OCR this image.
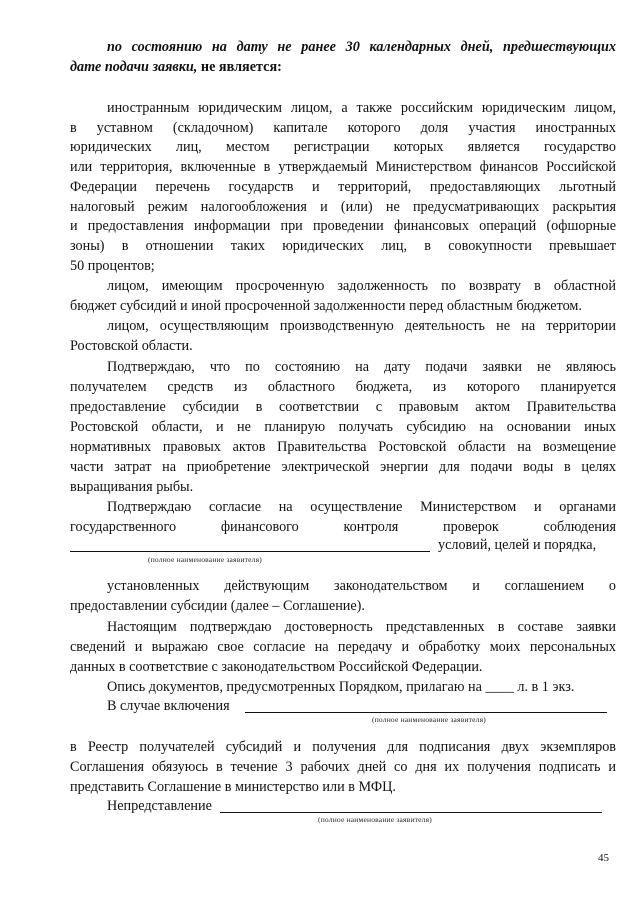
по состоянию на дату не ранее 30 календарных дней, предшествующих

дате подачи заявки, не является:

иностранным юридическим лицом, а также российским юридическим лицом,

в уставном (складочном) капитале которого доля участия иностранных

юридических лиц, местом регистрации которых является государство

или территория, включенные в утверждаемый Министерством финансов Российской

Федерации перечень государств и территорий, предоставляющих льготный

налоговый режим налогообложения и (или) не предусматривающих раскрытия

и предоставления информации при проведении финансовых операций (офшорные

зоны) в отношении таких юридических лиц, в совокупности превышает

50 процентов;

лицом, имеющим просроченную задолженность по возврату в областной

бюджет субсидий и иной просроченной задолженности перед областным бюджетом.

лицом, осуществляющим производственную деятельность не на территории

Ростовской области.

Подтверждаю, что по состоянию на дату подачи заявки не являюсь

получателем средств из областного бюджета, из которого планируется

предоставление субсидии в соответствии с правовым актом Правительства

Ростовской области, и не планирую получать субсидию на основании иных

нормативных правовых актов Правительства Ростовской области на возмещение

части затрат на приобретение электрической энергии для подачи воды в целях

выращивания рыбы.

Подтверждаю согласие на осуществление Министерством и органами

государственного финансового контроля проверок соблюдения

условий, целей и порядка,

(полное наименование заявителя)

установленных действующим законодательством и соглашением о

предоставлении субсидии (далее – Соглашение).

Настоящим подтверждаю достоверность представленных в составе заявки

сведений и выражаю свое согласие на передачу и обработку моих персональных

данных в соответствие с законодательством Российской Федерации.

Опись документов, предусмотренных Порядком, прилагаю на ____ л. в 1 экз.

В случае включения

(полное наименование заявителя)

в Реестр получателей субсидий и получения для подписания двух экземпляров

Соглашения обязуюсь в течение 3 рабочих дней со дня их получения подписать и

представить Соглашение в министерство или в МФЦ.

Непредставление

(полное наименование заявителя)

45
